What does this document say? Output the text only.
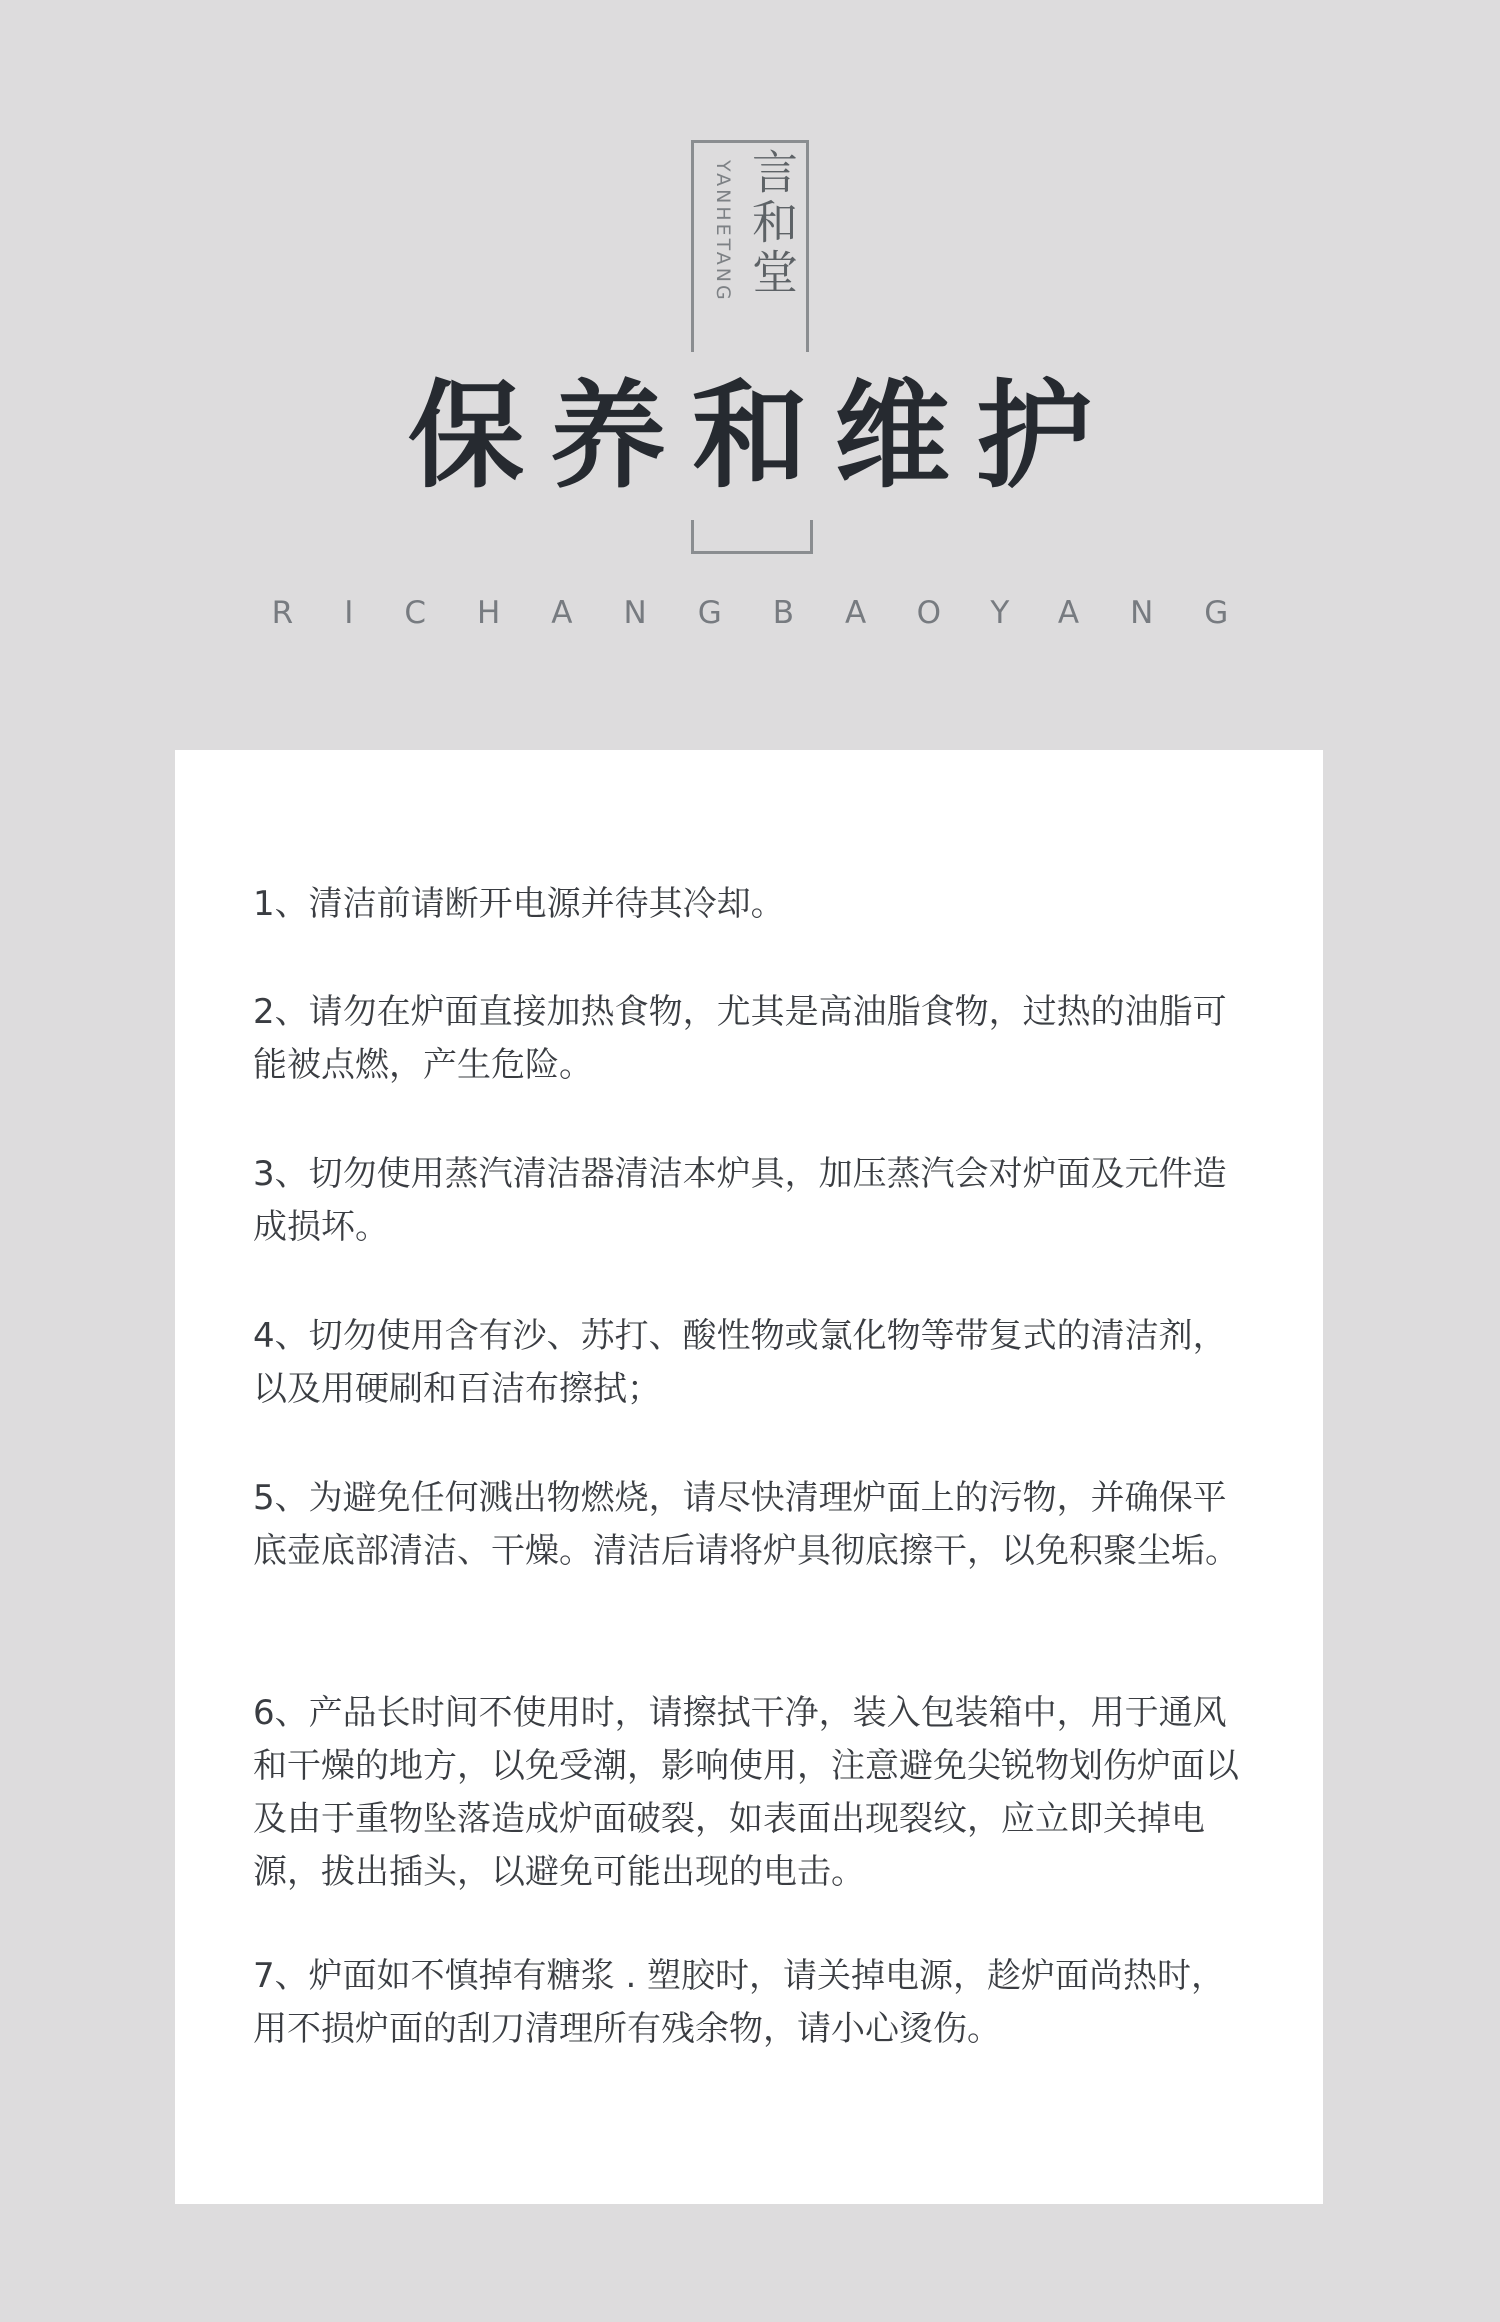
YANHETANG 言和堂
保养和维护
RICHANGBAOYANG

1、清洁前请断开电源并待其冷却。

2、请勿在炉面直接加热食物，尤其是高油脂食物，过热的油脂可能被点燃，产生危险。

3、切勿使用蒸汽清洁器清洁本炉具，加压蒸汽会对炉面及元件造成损坏。

4、切勿使用含有沙、苏打、酸性物或氯化物等带复式的清洁剂，以及用硬刷和百洁布擦拭；

5、为避免任何溅出物燃烧，请尽快清理炉面上的污物，并确保平底壶底部清洁、干燥。清洁后请将炉具彻底擦干，以免积聚尘垢。

6、产品长时间不使用时，请擦拭干净，装入包装箱中，用于通风和干燥的地方，以免受潮，影响使用，注意避免尖锐物划伤炉面以及由于重物坠落造成炉面破裂，如表面出现裂纹，应立即关掉电源，拔出插头，以避免可能出现的电击。

7、炉面如不慎掉有糖浆 . 塑胶时，请关掉电源，趁炉面尚热时，用不损炉面的刮刀清理所有残余物，请小心烫伤。
